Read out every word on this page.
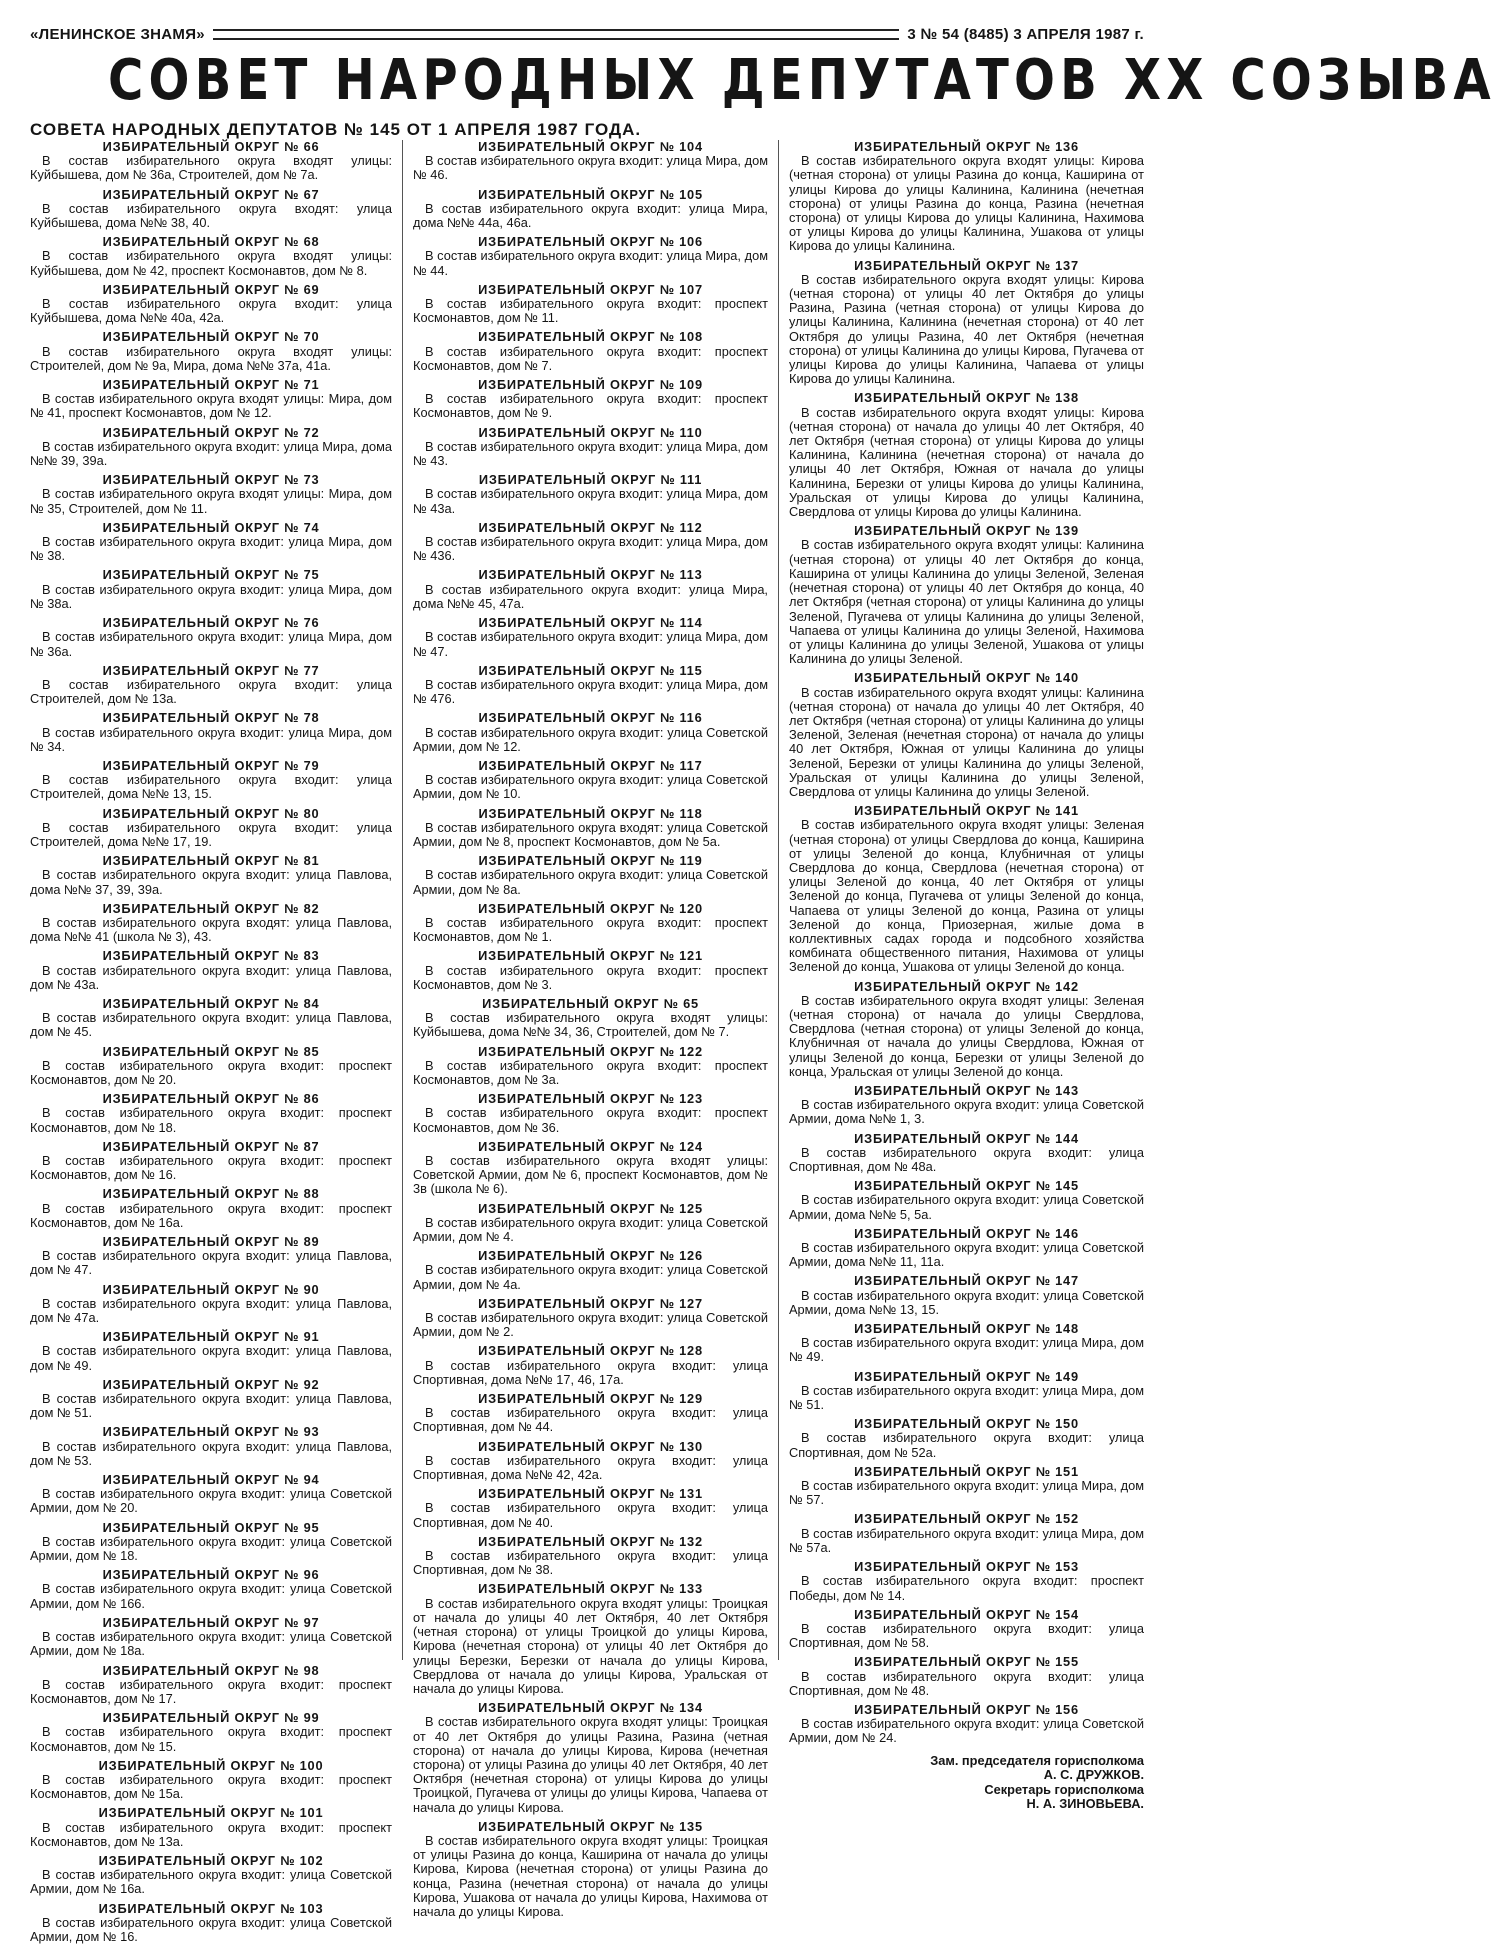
«ЛЕНИНСКОЕ ЗНАМЯ»	3 № 54 (8485) 3 АПРЕЛЯ 1987 г.
СОВЕТ НАРОДНЫХ ДЕПУТАТОВ XX СОЗЫВА
СОВЕТА НАРОДНЫХ ДЕПУТАТОВ № 145 ОТ 1 АПРЕЛЯ 1987 ГОДА.
ИЗБИРАТЕЛЬНЫЙ ОКРУГ № 66
В состав избирательного округа входят улицы: Куйбышева, дом № 36а, Строителей, дом № 7а.
ИЗБИРАТЕЛЬНЫЙ ОКРУГ № 67
В состав избирательного округа входят: улица Куйбышева, дома №№ 38, 40.
ИЗБИРАТЕЛЬНЫЙ ОКРУГ № 68
В состав избирательного округа входят улицы: Куйбышева, дом № 42, проспект Космонавтов, дом № 8.
ИЗБИРАТЕЛЬНЫЙ ОКРУГ № 69
В состав избирательного округа входит: улица Куйбышева, дома №№ 40а, 42а.
ИЗБИРАТЕЛЬНЫЙ ОКРУГ № 70
В состав избирательного округа входят улицы: Строителей, дом № 9а, Мира, дома №№ 37а, 41а.
ИЗБИРАТЕЛЬНЫЙ ОКРУГ № 71
В состав избирательного округа входят улицы: Мира, дом № 41, проспект Космонавтов, дом № 12.
ИЗБИРАТЕЛЬНЫЙ ОКРУГ № 72
В состав избирательного округа входит: улица Мира, дома №№ 39, 39а.
ИЗБИРАТЕЛЬНЫЙ ОКРУГ № 73
В состав избирательного округа входят улицы: Мира, дом № 35, Строителей, дом № 11.
ИЗБИРАТЕЛЬНЫЙ ОКРУГ № 74
В состав избирательного округа входит: улица Мира, дом № 38.
ИЗБИРАТЕЛЬНЫЙ ОКРУГ № 75
В состав избирательного округа входит: улица Мира, дом № 38а.
ИЗБИРАТЕЛЬНЫЙ ОКРУГ № 76
В состав избирательного округа входит: улица Мира, дом № 36а.
ИЗБИРАТЕЛЬНЫЙ ОКРУГ № 77
В состав избирательного округа входит: улица Строителей, дом № 13а.
ИЗБИРАТЕЛЬНЫЙ ОКРУГ № 78
В состав избирательного округа входит: улица Мира, дом № 34.
ИЗБИРАТЕЛЬНЫЙ ОКРУГ № 79
В состав избирательного округа входит: улица Строителей, дома №№ 13, 15.
ИЗБИРАТЕЛЬНЫЙ ОКРУГ № 80
В состав избирательного округа входит: улица Строителей, дома №№ 17, 19.
ИЗБИРАТЕЛЬНЫЙ ОКРУГ № 81
В состав избирательного округа входит: улица Павлова, дома №№ 37, 39, 39а.
ИЗБИРАТЕЛЬНЫЙ ОКРУГ № 82
В состав избирательного округа входят: улица Павлова, дома №№ 41 (школа № 3), 43.
ИЗБИРАТЕЛЬНЫЙ ОКРУГ № 83
В состав избирательного округа входит: улица Павлова, дом № 43а.
ИЗБИРАТЕЛЬНЫЙ ОКРУГ № 84
В состав избирательного округа входит: улица Павлова, дом № 45.
ИЗБИРАТЕЛЬНЫЙ ОКРУГ № 85
В состав избирательного округа входит: проспект Космонавтов, дом № 20.
ИЗБИРАТЕЛЬНЫЙ ОКРУГ № 86
В состав избирательного округа входит: проспект Космонавтов, дом № 18.
ИЗБИРАТЕЛЬНЫЙ ОКРУГ № 87
В состав избирательного округа входит: проспект Космонавтов, дом № 16.
ИЗБИРАТЕЛЬНЫЙ ОКРУГ № 88
В состав избирательного округа входит: проспект Космонавтов, дом № 16а.
ИЗБИРАТЕЛЬНЫЙ ОКРУГ № 89
В состав избирательного округа входит: улица Павлова, дом № 47.
ИЗБИРАТЕЛЬНЫЙ ОКРУГ № 90
В состав избирательного округа входит: улица Павлова, дом № 47а.
ИЗБИРАТЕЛЬНЫЙ ОКРУГ № 91
В состав избирательного округа входит: улица Павлова, дом № 49.
ИЗБИРАТЕЛЬНЫЙ ОКРУГ № 92
В состав избирательного округа входит: улица Павлова, дом № 51.
ИЗБИРАТЕЛЬНЫЙ ОКРУГ № 93
В состав избирательного округа входит: улица Павлова, дом № 53.
ИЗБИРАТЕЛЬНЫЙ ОКРУГ № 94
В состав избирательного округа входит: улица Советской Армии, дом № 20.
ИЗБИРАТЕЛЬНЫЙ ОКРУГ № 95
В состав избирательного округа входит: улица Советской Армии, дом № 18.
ИЗБИРАТЕЛЬНЫЙ ОКРУГ № 96
В состав избирательного округа входит: улица Советской Армии, дом № 166.
ИЗБИРАТЕЛЬНЫЙ ОКРУГ № 97
В состав избирательного округа входит: улица Советской Армии, дом № 18а.
ИЗБИРАТЕЛЬНЫЙ ОКРУГ № 98
В состав избирательного округа входит: проспект Космонавтов, дом № 17.
ИЗБИРАТЕЛЬНЫЙ ОКРУГ № 99
В состав избирательного округа входит: проспект Космонавтов, дом № 15.
ИЗБИРАТЕЛЬНЫЙ ОКРУГ № 100
В состав избирательного округа входит: проспект Космонавтов, дом № 15а.
ИЗБИРАТЕЛЬНЫЙ ОКРУГ № 101
В состав избирательного округа входит: проспект Космонавтов, дом № 13а.
ИЗБИРАТЕЛЬНЫЙ ОКРУГ № 102
В состав избирательного округа входит: улица Советской Армии, дом № 16а.
ИЗБИРАТЕЛЬНЫЙ ОКРУГ № 103
В состав избирательного округа входит: улица Советской Армии, дом № 16.
ИЗБИРАТЕЛЬНЫЙ ОКРУГ № 104
В состав избирательного округа входит: улица Мира, дом № 46.
ИЗБИРАТЕЛЬНЫЙ ОКРУГ № 105
В состав избирательного округа входит: улица Мира, дома №№ 44а, 46а.
ИЗБИРАТЕЛЬНЫЙ ОКРУГ № 106
В состав избирательного округа входит: улица Мира, дом № 44.
ИЗБИРАТЕЛЬНЫЙ ОКРУГ № 107
В состав избирательного округа входит: проспект Космонавтов, дом № 11.
ИЗБИРАТЕЛЬНЫЙ ОКРУГ № 108
В состав избирательного округа входит: проспект Космонавтов, дом № 7.
ИЗБИРАТЕЛЬНЫЙ ОКРУГ № 109
В состав избирательного округа входит: проспект Космонавтов, дом № 9.
ИЗБИРАТЕЛЬНЫЙ ОКРУГ № 110
В состав избирательного округа входит: улица Мира, дом № 43.
ИЗБИРАТЕЛЬНЫЙ ОКРУГ № 111
В состав избирательного округа входит: улица Мира, дом № 43а.
ИЗБИРАТЕЛЬНЫЙ ОКРУГ № 112
В состав избирательного округа входит: улица Мира, дом № 436.
ИЗБИРАТЕЛЬНЫЙ ОКРУГ № 113
В состав избирательного округа входит: улица Мира, дома №№ 45, 47а.
ИЗБИРАТЕЛЬНЫЙ ОКРУГ № 114
В состав избирательного округа входит: улица Мира, дом № 47.
ИЗБИРАТЕЛЬНЫЙ ОКРУГ № 115
В состав избирательного округа входит: улица Мира, дом № 476.
ИЗБИРАТЕЛЬНЫЙ ОКРУГ № 116
В состав избирательного округа входит: улица Советской Армии, дом № 12.
ИЗБИРАТЕЛЬНЫЙ ОКРУГ № 117
В состав избирательного округа входит: улица Советской Армии, дом № 10.
ИЗБИРАТЕЛЬНЫЙ ОКРУГ № 118
В состав избирательного округа входят: улица Советской Армии, дом № 8, проспект Космонавтов, дом № 5а.
ИЗБИРАТЕЛЬНЫЙ ОКРУГ № 119
В состав избирательного округа входит: улица Советской Армии, дом № 8а.
ИЗБИРАТЕЛЬНЫЙ ОКРУГ № 120
В состав избирательного округа входит: проспект Космонавтов, дом № 1.
ИЗБИРАТЕЛЬНЫЙ ОКРУГ № 121
В состав избирательного округа входит: проспект Космонавтов, дом № 3.
ИЗБИРАТЕЛЬНЫЙ ОКРУГ № 65
В состав избирательного округа входят улицы: Куйбышева, дома №№ 34, 36, Строителей, дом № 7.
ИЗБИРАТЕЛЬНЫЙ ОКРУГ № 122
В состав избирательного округа входит: проспект Космонавтов, дом № 3а.
ИЗБИРАТЕЛЬНЫЙ ОКРУГ № 123
В состав избирательного округа входит: проспект Космонавтов, дом № 36.
ИЗБИРАТЕЛЬНЫЙ ОКРУГ № 124
В состав избирательного округа входят улицы: Советской Армии, дом № 6, проспект Космонавтов, дом № 3в (школа № 6).
ИЗБИРАТЕЛЬНЫЙ ОКРУГ № 125
В состав избирательного округа входит: улица Советской Армии, дом № 4.
ИЗБИРАТЕЛЬНЫЙ ОКРУГ № 126
В состав избирательного округа входит: улица Советской Армии, дом № 4а.
ИЗБИРАТЕЛЬНЫЙ ОКРУГ № 127
В состав избирательного округа входит: улица Советской Армии, дом № 2.
ИЗБИРАТЕЛЬНЫЙ ОКРУГ № 128
В состав избирательного округа входит: улица Спортивная, дома №№ 17, 46, 17а.
ИЗБИРАТЕЛЬНЫЙ ОКРУГ № 129
В состав избирательного округа входит: улица Спортивная, дом № 44.
ИЗБИРАТЕЛЬНЫЙ ОКРУГ № 130
В состав избирательного округа входит: улица Спортивная, дома №№ 42, 42а.
ИЗБИРАТЕЛЬНЫЙ ОКРУГ № 131
В состав избирательного округа входит: улица Спортивная, дом № 40.
ИЗБИРАТЕЛЬНЫЙ ОКРУГ № 132
В состав избирательного округа входит: улица Спортивная, дом № 38.
ИЗБИРАТЕЛЬНЫЙ ОКРУГ № 133
В состав избирательного округа входят улицы: Троицкая от начала до улицы 40 лет Октября, 40 лет Октября (четная сторона) от улицы Троицкой до улицы Кирова, Кирова (нечетная сторона) от улицы 40 лет Октября до улицы Березки, Березки от начала до улицы Кирова, Свердлова от начала до улицы Кирова, Уральская от начала до улицы Кирова.
ИЗБИРАТЕЛЬНЫЙ ОКРУГ № 134
В состав избирательного округа входят улицы: Троицкая от 40 лет Октября до улицы Разина, Разина (четная сторона) от начала до улицы Кирова, Кирова (нечетная сторона) от улицы Разина до улицы 40 лет Октября, 40 лет Октября (нечетная сторона) от улицы Кирова до улицы Троицкой, Пугачева от улицы до улицы Кирова, Чапаева от начала до улицы Кирова.
ИЗБИРАТЕЛЬНЫЙ ОКРУГ № 135
В состав избирательного округа входят улицы: Троицкая от улицы Разина до конца, Каширина от начала до улицы Кирова, Кирова (нечетная сторона) от улицы Разина до конца, Разина (нечетная сторона) от начала до улицы Кирова, Ушакова от начала до улицы Кирова, Нахимова от начала до улицы Кирова.
ИЗБИРАТЕЛЬНЫЙ ОКРУГ № 136
В состав избирательного округа входят улицы: Кирова (четная сторона) от улицы Разина до конца, Каширина от улицы Кирова до улицы Калинина, Калинина (нечетная сторона) от улицы Разина до конца, Разина (нечетная сторона) от улицы Кирова до улицы Калинина, Нахимова от улицы Кирова до улицы Калинина, Ушакова от улицы Кирова до улицы Калинина.
ИЗБИРАТЕЛЬНЫЙ ОКРУГ № 137
В состав избирательного округа входят улицы: Кирова (четная сторона) от улицы 40 лет Октября до улицы Разина, Разина (четная сторона) от улицы Кирова до улицы Калинина, Калинина (нечетная сторона) от 40 лет Октября до улицы Разина, 40 лет Октября (нечетная сторона) от улицы Калинина до улицы Кирова, Пугачева от улицы Кирова до улицы Калинина, Чапаева от улицы Кирова до улицы Калинина.
ИЗБИРАТЕЛЬНЫЙ ОКРУГ № 138
В состав избирательного округа входят улицы: Кирова (четная сторона) от начала до улицы 40 лет Октября, 40 лет Октября (четная сторона) от улицы Кирова до улицы Калинина, Калинина (нечетная сторона) от начала до улицы 40 лет Октября, Южная от начала до улицы Калинина, Березки от улицы Кирова до улицы Калинина, Уральская от улицы Кирова до улицы Калинина, Свердлова от улицы Кирова до улицы Калинина.
ИЗБИРАТЕЛЬНЫЙ ОКРУГ № 139
В состав избирательного округа входят улицы: Калинина (четная сторона) от улицы 40 лет Октября до конца, Каширина от улицы Калинина до улицы Зеленой, Зеленая (нечетная сторона) от улицы 40 лет Октября до конца, 40 лет Октября (четная сторона) от улицы Калинина до улицы Зеленой, Пугачева от улицы Калинина до улицы Зеленой, Чапаева от улицы Калинина до улицы Зеленой, Нахимова от улицы Калинина до улицы Зеленой, Ушакова от улицы Калинина до улицы Зеленой.
ИЗБИРАТЕЛЬНЫЙ ОКРУГ № 140
В состав избирательного округа входят улицы: Калинина (четная сторона) от начала до улицы 40 лет Октября, 40 лет Октября (четная сторона) от улицы Калинина до улицы Зеленой, Зеленая (нечетная сторона) от начала до улицы 40 лет Октября, Южная от улицы Калинина до улицы Зеленой, Березки от улицы Калинина до улицы Зеленой, Уральская от улицы Калинина до улицы Зеленой, Свердлова от улицы Калинина до улицы Зеленой.
ИЗБИРАТЕЛЬНЫЙ ОКРУГ № 141
В состав избирательного округа входят улицы: Зеленая (четная сторона) от улицы Свердлова до конца, Каширина от улицы Зеленой до конца, Клубничная от улицы Свердлова до конца, Свердлова (нечетная сторона) от улицы Зеленой до конца, 40 лет Октября от улицы Зеленой до конца, Пугачева от улицы Зеленой до конца, Чапаева от улицы Зеленой до конца, Разина от улицы Зеленой до конца, Приозерная, жилые дома в коллективных садах города и подсобного хозяйства комбината общественного питания, Нахимова от улицы Зеленой до конца, Ушакова от улицы Зеленой до конца.
ИЗБИРАТЕЛЬНЫЙ ОКРУГ № 142
В состав избирательного округа входят улицы: Зеленая (четная сторона) от начала до улицы Свердлова, Свердлова (четная сторона) от улицы Зеленой до конца, Клубничная от начала до улицы Свердлова, Южная от улицы Зеленой до конца, Березки от улицы Зеленой до конца, Уральская от улицы Зеленой до конца.
ИЗБИРАТЕЛЬНЫЙ ОКРУГ № 143
В состав избирательного округа входит: улица Советской Армии, дома №№ 1, 3.
ИЗБИРАТЕЛЬНЫЙ ОКРУГ № 144
В состав избирательного округа входит: улица Спортивная, дом № 48а.
ИЗБИРАТЕЛЬНЫЙ ОКРУГ № 145
В состав избирательного округа входит: улица Советской Армии, дома №№ 5, 5а.
ИЗБИРАТЕЛЬНЫЙ ОКРУГ № 146
В состав избирательного округа входит: улица Советской Армии, дома №№ 11, 11а.
ИЗБИРАТЕЛЬНЫЙ ОКРУГ № 147
В состав избирательного округа входит: улица Советской Армии, дома №№ 13, 15.
ИЗБИРАТЕЛЬНЫЙ ОКРУГ № 148
В состав избирательного округа входит: улица Мира, дом № 49.
ИЗБИРАТЕЛЬНЫЙ ОКРУГ № 149
В состав избирательного округа входит: улица Мира, дом № 51.
ИЗБИРАТЕЛЬНЫЙ ОКРУГ № 150
В состав избирательного округа входит: улица Спортивная, дом № 52а.
ИЗБИРАТЕЛЬНЫЙ ОКРУГ № 151
В состав избирательного округа входит: улица Мира, дом № 57.
ИЗБИРАТЕЛЬНЫЙ ОКРУГ № 152
В состав избирательного округа входит: улица Мира, дом № 57а.
ИЗБИРАТЕЛЬНЫЙ ОКРУГ № 153
В состав избирательного округа входит: проспект Победы, дом № 14.
ИЗБИРАТЕЛЬНЫЙ ОКРУГ № 154
В состав избирательного округа входит: улица Спортивная, дом № 58.
ИЗБИРАТЕЛЬНЫЙ ОКРУГ № 155
В состав избирательного округа входит: улица Спортивная, дом № 48.
ИЗБИРАТЕЛЬНЫЙ ОКРУГ № 156
В состав избирательного округа входит: улица Советской Армии, дом № 24.
Зам. председателя горисполкома
А. С. ДРУЖКОВ.
Секретарь горисполкома
Н. А. ЗИНОВЬЕВА.
